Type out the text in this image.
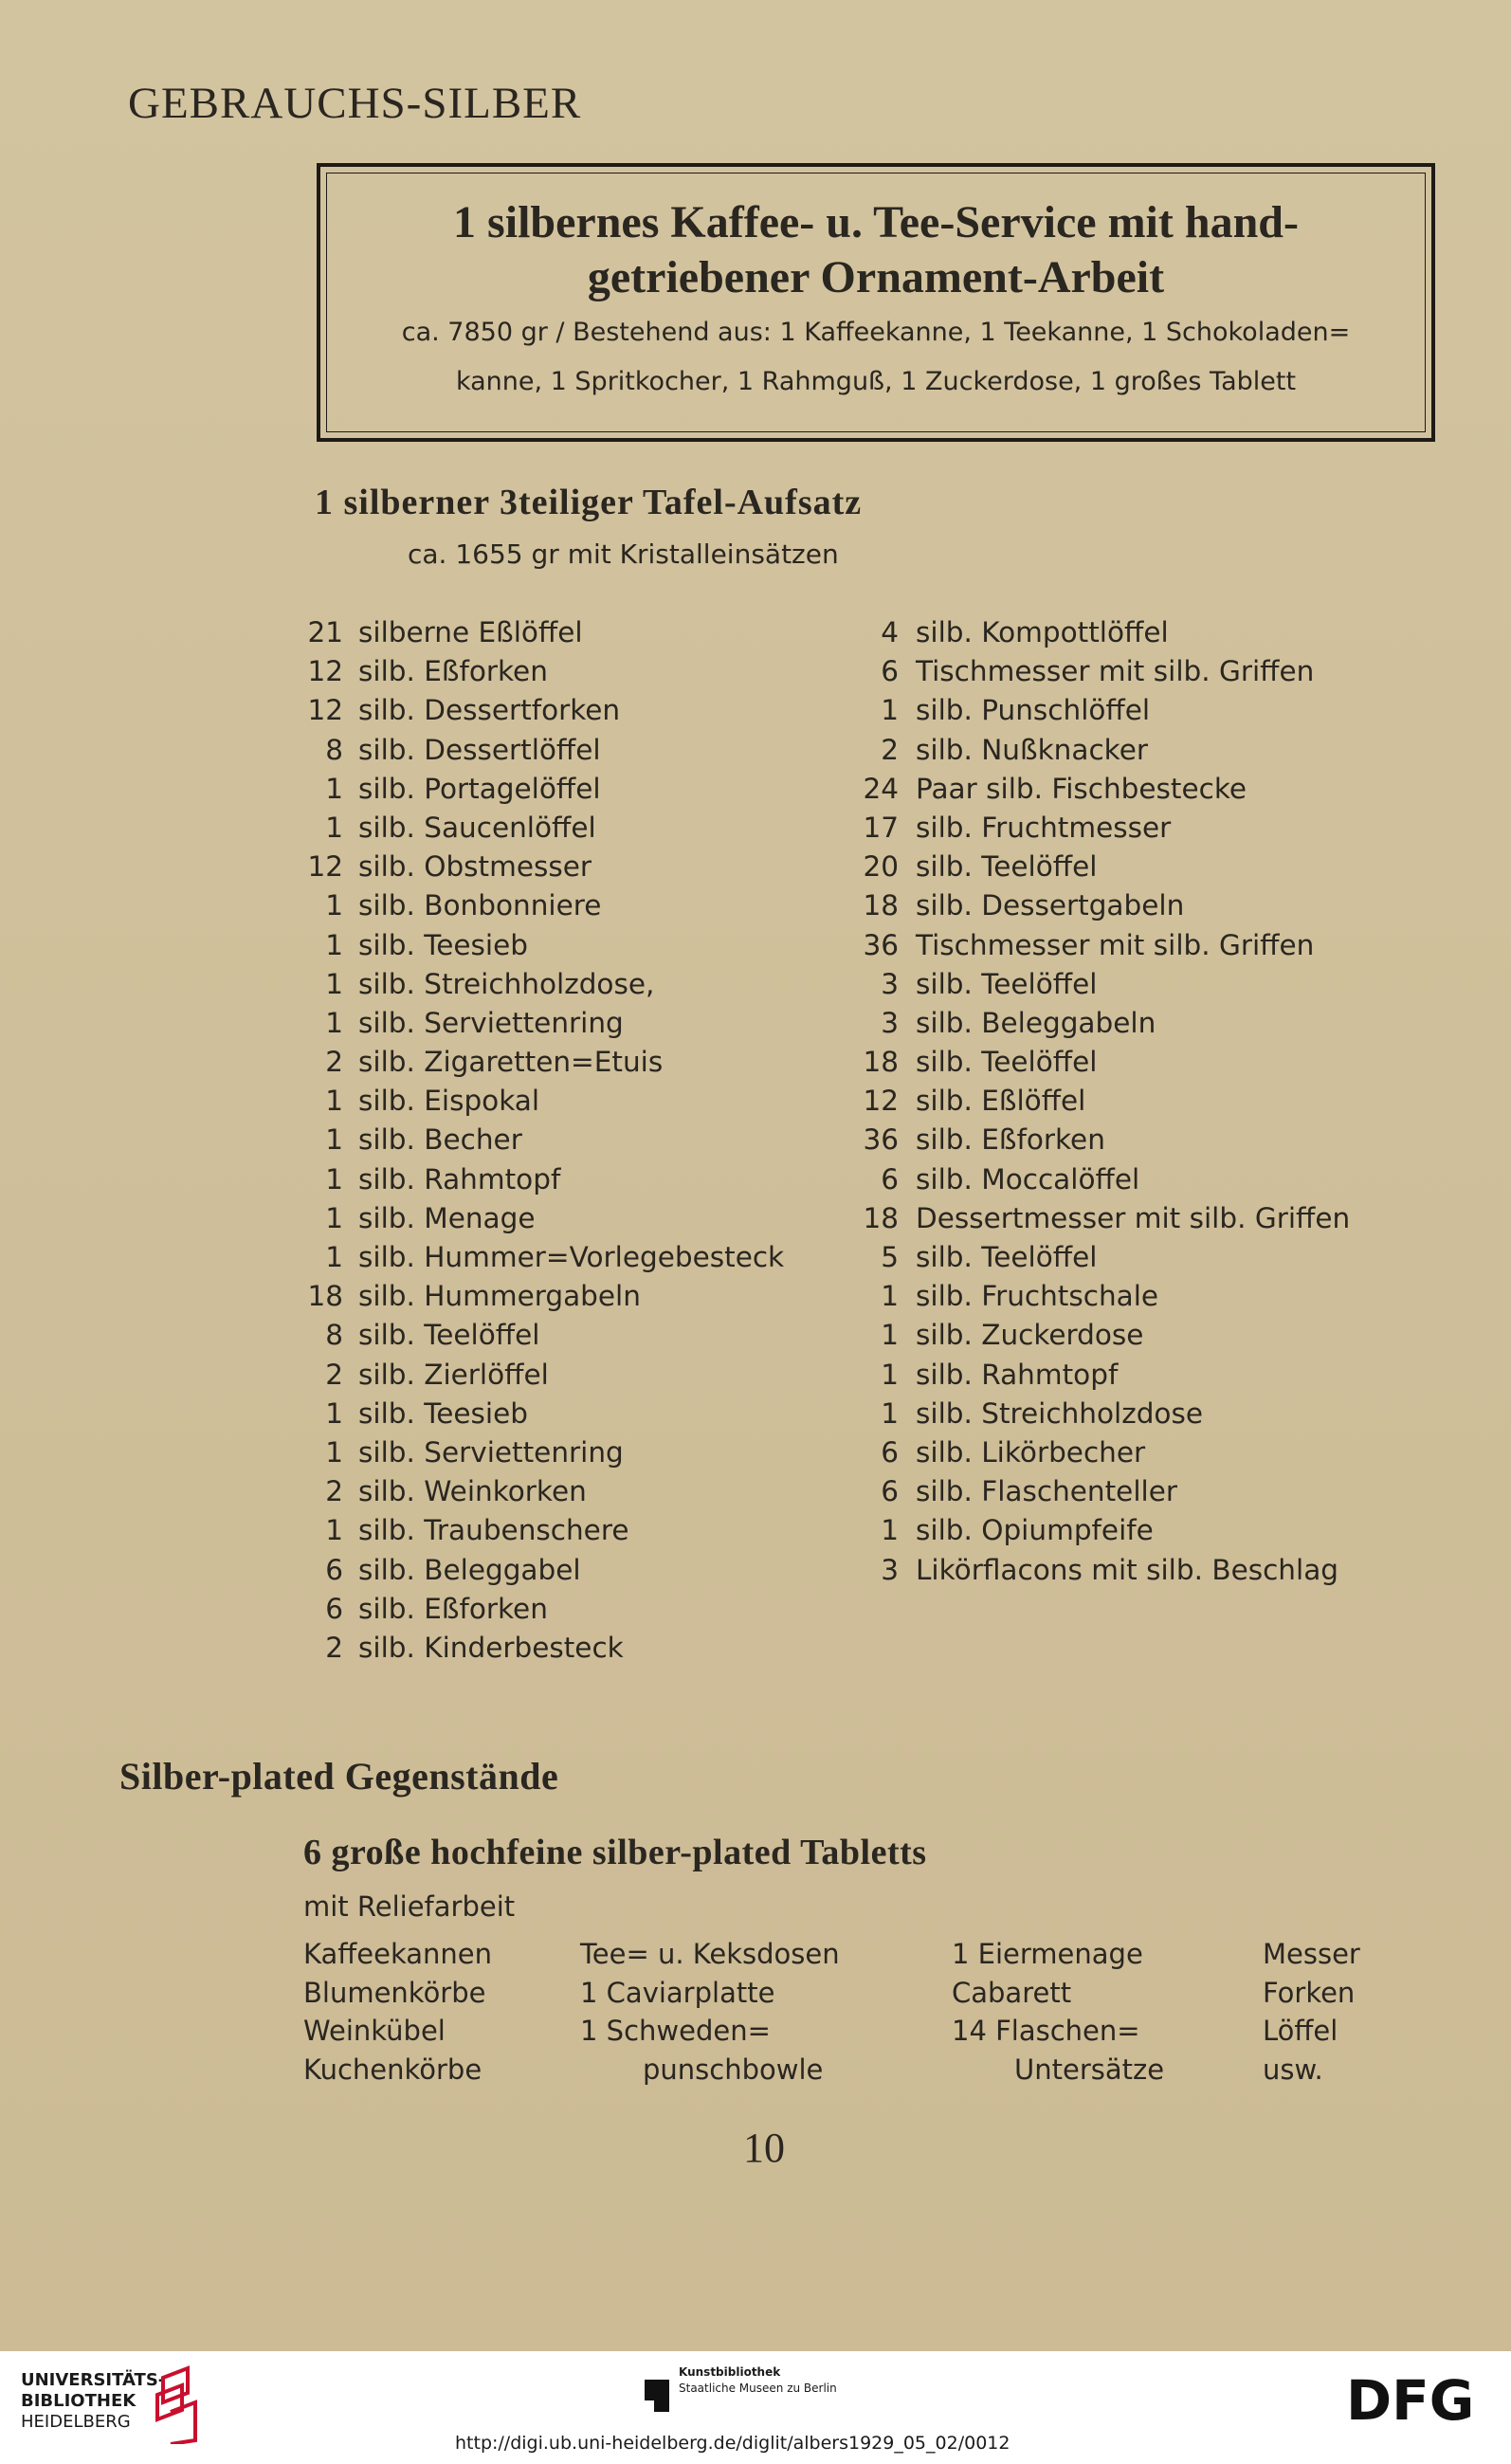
GEBRAUCHS-SILBER
1 silbernes Kaffee- u. Tee-Service mit hand-
getriebener Ornament-Arbeit
ca. 7850 gr / Bestehend aus: 1 Kaffeekanne, 1 Teekanne, 1 Schokoladen=
kanne, 1 Spritkocher, 1 Rahmguß, 1 Zuckerdose, 1 großes Tablett
1 silberner 3teiliger Tafel-Aufsatz
ca. 1655 gr mit Kristalleinsätzen
21 silberne Eßlöffel
12 silb. Eßforken
12 silb. Dessertforken
8 silb. Dessertlöffel
1 silb. Portagelöffel
1 silb. Saucenlöffel
12 silb. Obstmesser
1 silb. Bonbonniere
1 silb. Teesieb
1 silb. Streichholzdose,
1 silb. Serviettenring
2 silb. Zigaretten=Etuis
1 silb. Eispokal
1 silb. Becher
1 silb. Rahmtopf
1 silb. Menage
1 silb. Hummer=Vorlegebesteck
18 silb. Hummergabeln
8 silb. Teelöffel
2 silb. Zierlöffel
1 silb. Teesieb
1 silb. Serviettenring
2 silb. Weinkorken
1 silb. Traubenschere
6 silb. Beleggabel
6 silb. Eßforken
2 silb. Kinderbesteck
4 silb. Kompottlöffel
6 Tischmesser mit silb. Griffen
1 silb. Punschlöffel
2 silb. Nußknacker
24 Paar silb. Fischbestecke
17 silb. Fruchtmesser
20 silb. Teelöffel
18 silb. Dessertgabeln
36 Tischmesser mit silb. Griffen
3 silb. Teelöffel
3 silb. Beleggabeln
18 silb. Teelöffel
12 silb. Eßlöffel
36 silb. Eßforken
6 silb. Moccalöffel
18 Dessertmesser mit silb. Griffen
5 silb. Teelöffel
1 silb. Fruchtschale
1 silb. Zuckerdose
1 silb. Rahmtopf
1 silb. Streichholzdose
6 silb. Likörbecher
6 silb. Flaschenteller
1 silb. Opiumpfeife
3 Likörflacons mit silb. Beschlag
Silber-plated Gegenstände
6 große hochfeine silber-plated Tabletts
mit Reliefarbeit
Kaffeekannen
Blumenkörbe
Weinkübel
Kuchenkörbe
Tee= u. Keksdosen
1 Caviarplatte
1 Schweden=
punschbowle
1 Eiermenage
Cabarett
14 Flaschen=
Untersätze
Messer
Forken
Löffel
usw.
10
UNIVERSITÄTS-
BIBLIOTHEK
HEIDELBERG
Kunstbibliothek
Staatliche Museen zu Berlin	DFG
http://digi.ub.uni-heidelberg.de/diglit/albers1929_05_02/0012
